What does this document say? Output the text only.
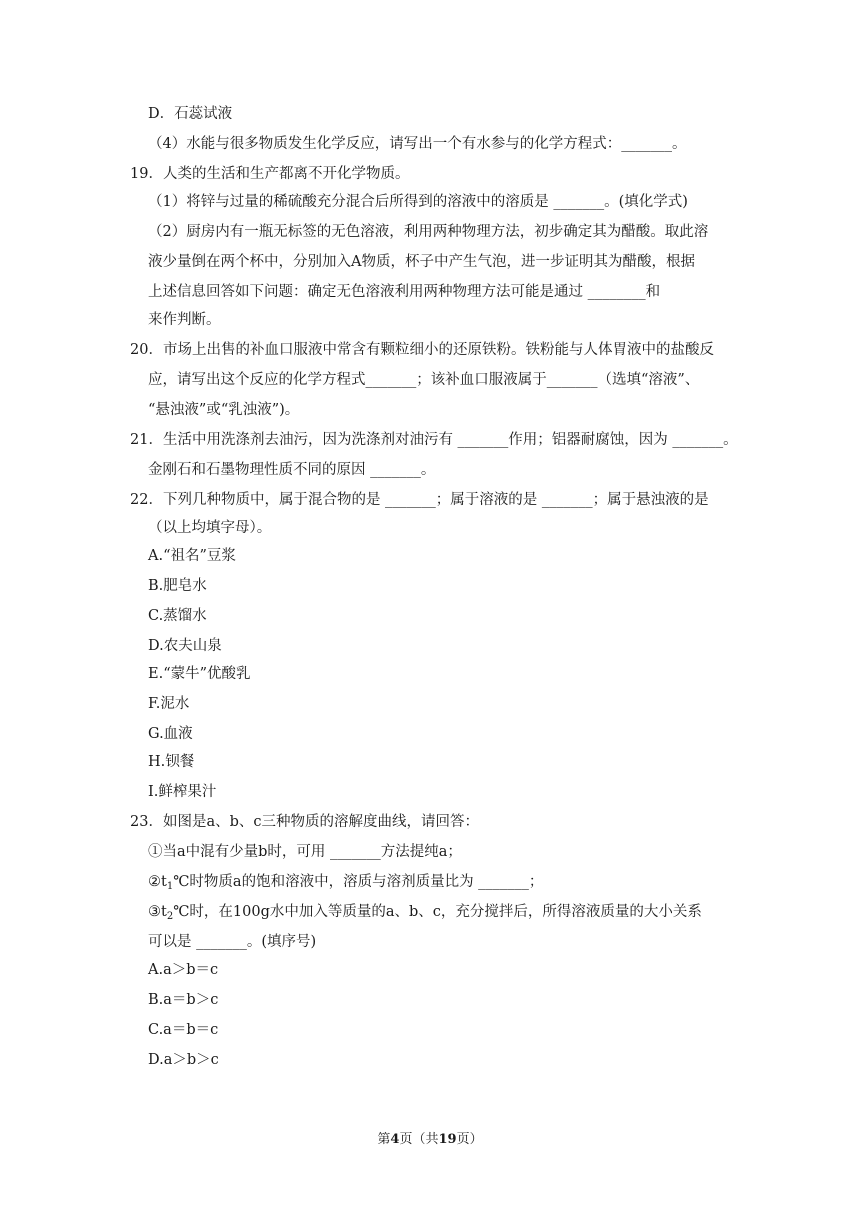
D．石蕊试液
（4）水能与很多物质发生化学反应，请写出一个有水参与的化学方程式：_______。
19．人类的生活和生产都离不开化学物质。
（1）将锌与过量的稀硫酸充分混合后所得到的溶液中的溶质是 _______。(填化学式)
（2）厨房内有一瓶无标签的无色溶液，利用两种物理方法，初步确定其为醋酸。取此溶
液少量倒在两个杯中，分别加入A物质，杯子中产生气泡，进一步证明其为醋酸，根据
上述信息回答如下问题：确定无色溶液利用两种物理方法可能是通过 ________和
来作判断。
20．市场上出售的补血口服液中常含有颗粒细小的还原铁粉。铁粉能与人体胃液中的盐酸反
应，请写出这个反应的化学方程式_______；该补血口服液属于_______（选填“溶液”、
“悬浊液”或“乳浊液”)。
21．生活中用洗涤剂去油污，因为洗涤剂对油污有 _______作用；铝器耐腐蚀，因为 _______。
金刚石和石墨物理性质不同的原因 _______。
22．下列几种物质中，属于混合物的是 _______；属于溶液的是 _______；属于悬浊液的是
（以上均填字母）。
A.“祖名”豆浆
B.肥皂水
C.蒸馏水
D.农夫山泉
E.“蒙牛”优酸乳
F.泥水
G.血液
H.钡餐
I.鲜榨果汁
23．如图是a、b、c三种物质的溶解度曲线，请回答：
①当a中混有少量b时，可用 _______方法提纯a；
$②t_1℃$时物质a的饱和溶液中，溶质与溶剂质量比为 _______；
$③t_2℃$时，在100g水中加入等质量的a、b、c，充分搅拌后，所得溶液质量的大小关系
可以是 _______。(填序号)
A.a＞b＝c
B.a＝b＞c
C.a＝b＝c
D.a＞b＞c
第4页（共19页）
